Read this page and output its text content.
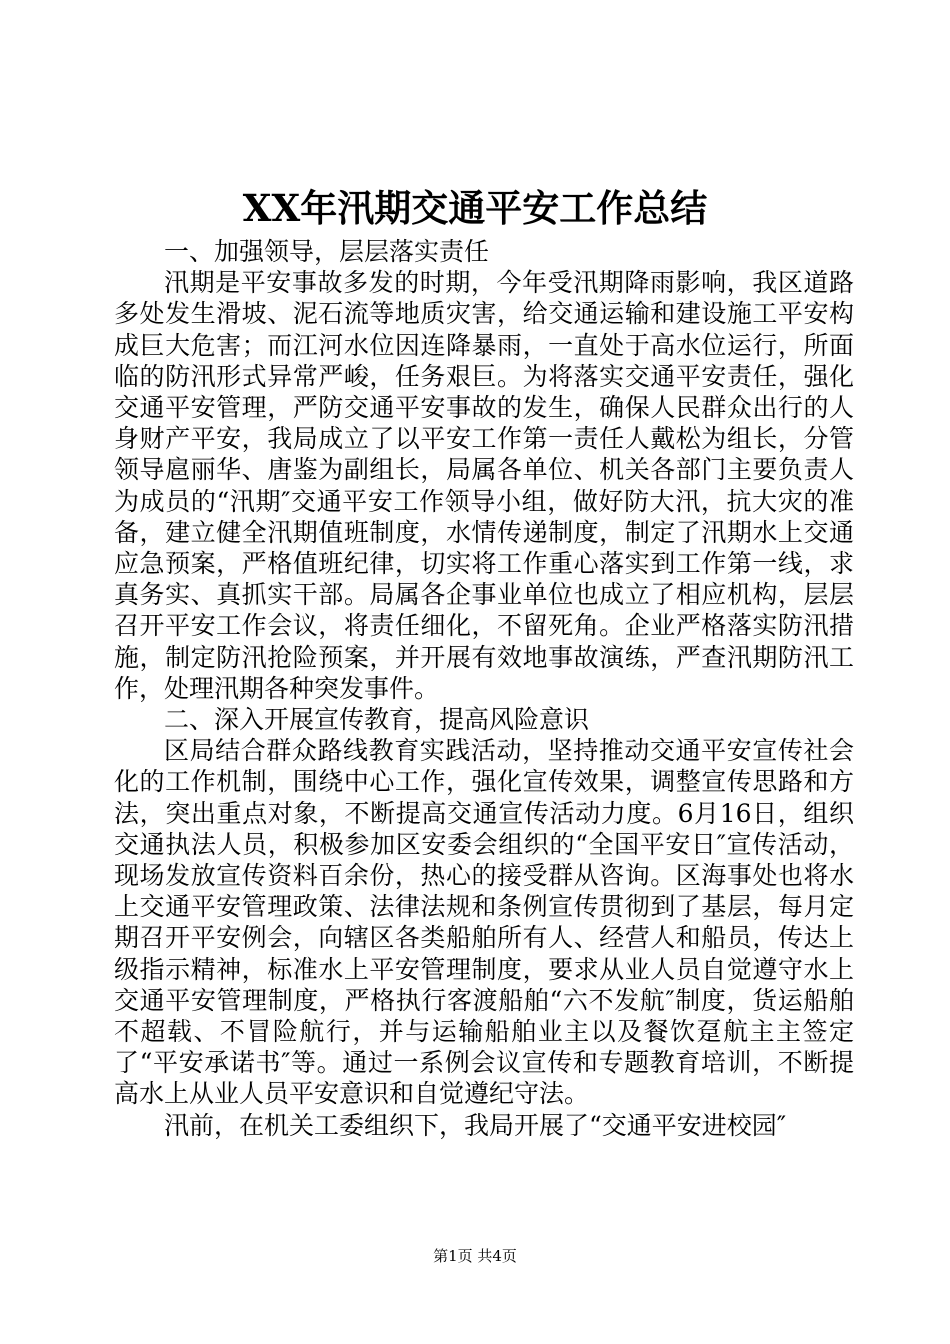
XX年汛期交通平安工作总结

一、加强领导，层层落实责任

汛期是平安事故多发的时期，今年受汛期降雨影响，我区道路多处发生滑坡、泥石流等地质灾害，给交通运输和建设施工平安构成巨大危害；而江河水位因连降暴雨，一直处于高水位运行，所面临的防汛形式异常严峻，任务艰巨。为将落实交通平安责任，强化交通平安管理，严防交通平安事故的发生，确保人民群众出行的人身财产平安，我局成立了以平安工作第一责任人戴松为组长，分管领导扈丽华、唐鉴为副组长，局属各单位、机关各部门主要负责人为成员的“汛期″交通平安工作领导小组，做好防大汛，抗大灾的准备，建立健全汛期值班制度，水情传递制度，制定了汛期水上交通应急预案，严格值班纪律，切实将工作重心落实到工作第一线，求真务实、真抓实干部。局属各企事业单位也成立了相应机构，层层召开平安工作会议，将责任细化，不留死角。企业严格落实防汛措施，制定防汛抢险预案，并开展有效地事故演练，严查汛期防汛工作，处理汛期各种突发事件。

二、深入开展宣传教育，提高风险意识

区局结合群众路线教育实践活动，坚持推动交通平安宣传社会化的工作机制，围绕中心工作，强化宣传效果，调整宣传思路和方法，突出重点对象，不断提高交通宣传活动力度。6月16日，组织交通执法人员，积极参加区安委会组织的“全国平安日″宣传活动，现场发放宣传资料百余份，热心的接受群从咨询。区海事处也将水上交通平安管理政策、法律法规和条例宣传贯彻到了基层，每月定期召开平安例会，向辖区各类船舶所有人、经营人和船员，传达上级指示精神，标准水上平安管理制度，要求从业人员自觉遵守水上交通平安管理制度，严格执行客渡船舶“六不发航″制度，货运船舶不超载、不冒险航行，并与运输船舶业主以及餐饮趸航主主签定了“平安承诺书″等。通过一系例会议宣传和专题教育培训，不断提高水上从业人员平安意识和自觉遵纪守法。

汛前，在机关工委组织下，我局开展了“交通平安进校园″

第1页 共4页
